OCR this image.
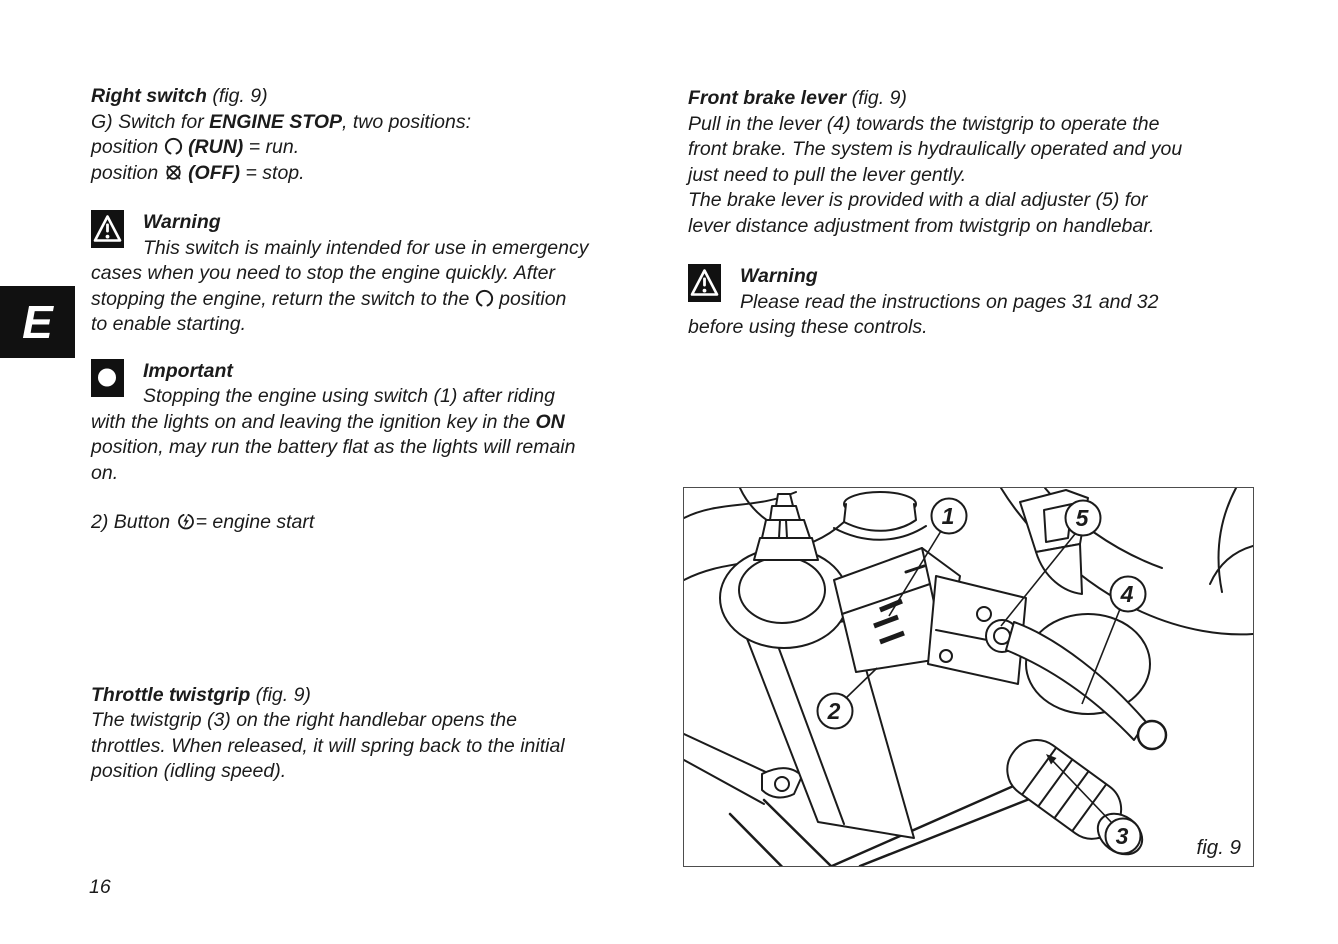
Right switch (fig. 9)
G) Switch for ENGINE STOP, two positions:
position
(RUN) = run.
position
(OFF) = stop.
Warning
This switch is mainly intended for use in emergency
cases when you need to stop the engine quickly. After
stopping the engine, return the switch to the
position
to enable starting.
Important
Stopping the engine using switch (1) after riding
with the lights on and leaving the ignition key in the ON
position, may run the battery flat as the lights will remain
on.
2) Button
= engine start
Throttle twistgrip (fig. 9)
The twistgrip (3) on the right handlebar opens the
throttles. When released, it will spring back to the initial
position (idling speed).
Front brake lever (fig. 9)
Pull in the lever (4) towards the twistgrip to operate the
front brake. The system is hydraulically operated and you
just need to pull the lever gently.
The brake lever is provided with a dial adjuster (5) for
lever distance adjustment from twistgrip on handlebar.
Warning
Please read the instructions on pages 31 and 32
before using these controls.
E
1	5
4
2
3	fig. 9
16
